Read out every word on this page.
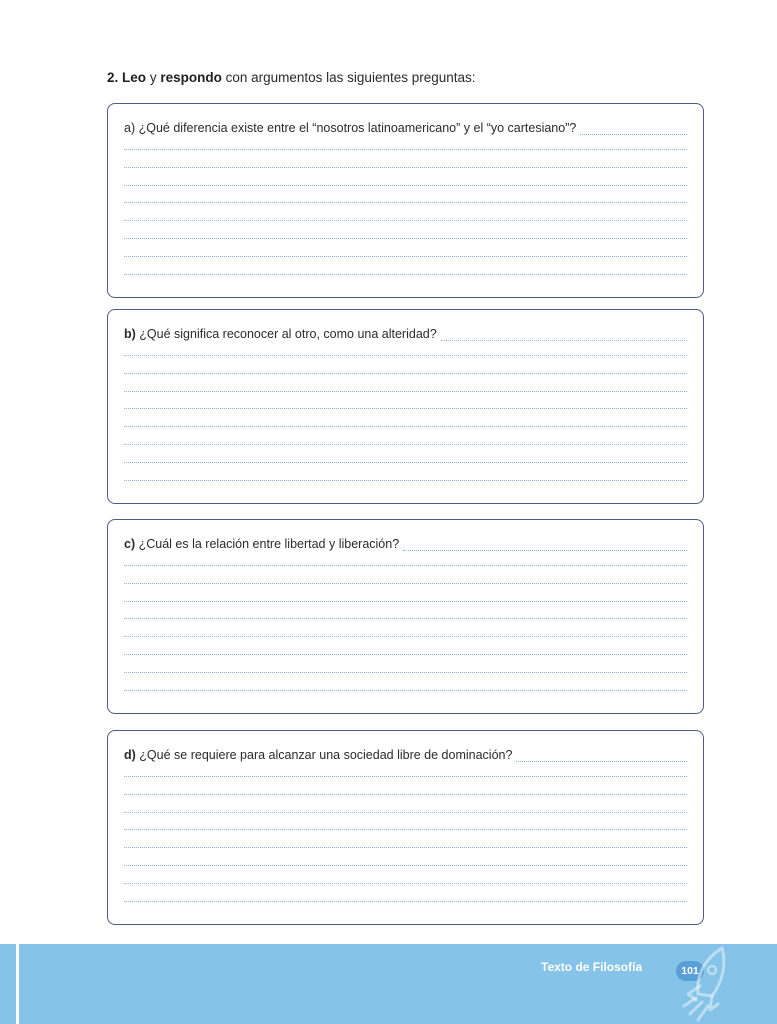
2. Leo y respondo con argumentos las siguientes preguntas:
a) ¿Qué diferencia existe entre el “nosotros latinoamericano” y el “yo cartesiano”?
b) ¿Qué significa reconocer al otro, como una alteridad?
c) ¿Cuál es la relación entre libertad y liberación?
d) ¿Qué se requiere para alcanzar una sociedad libre de dominación?
Texto de Filosofía	101
